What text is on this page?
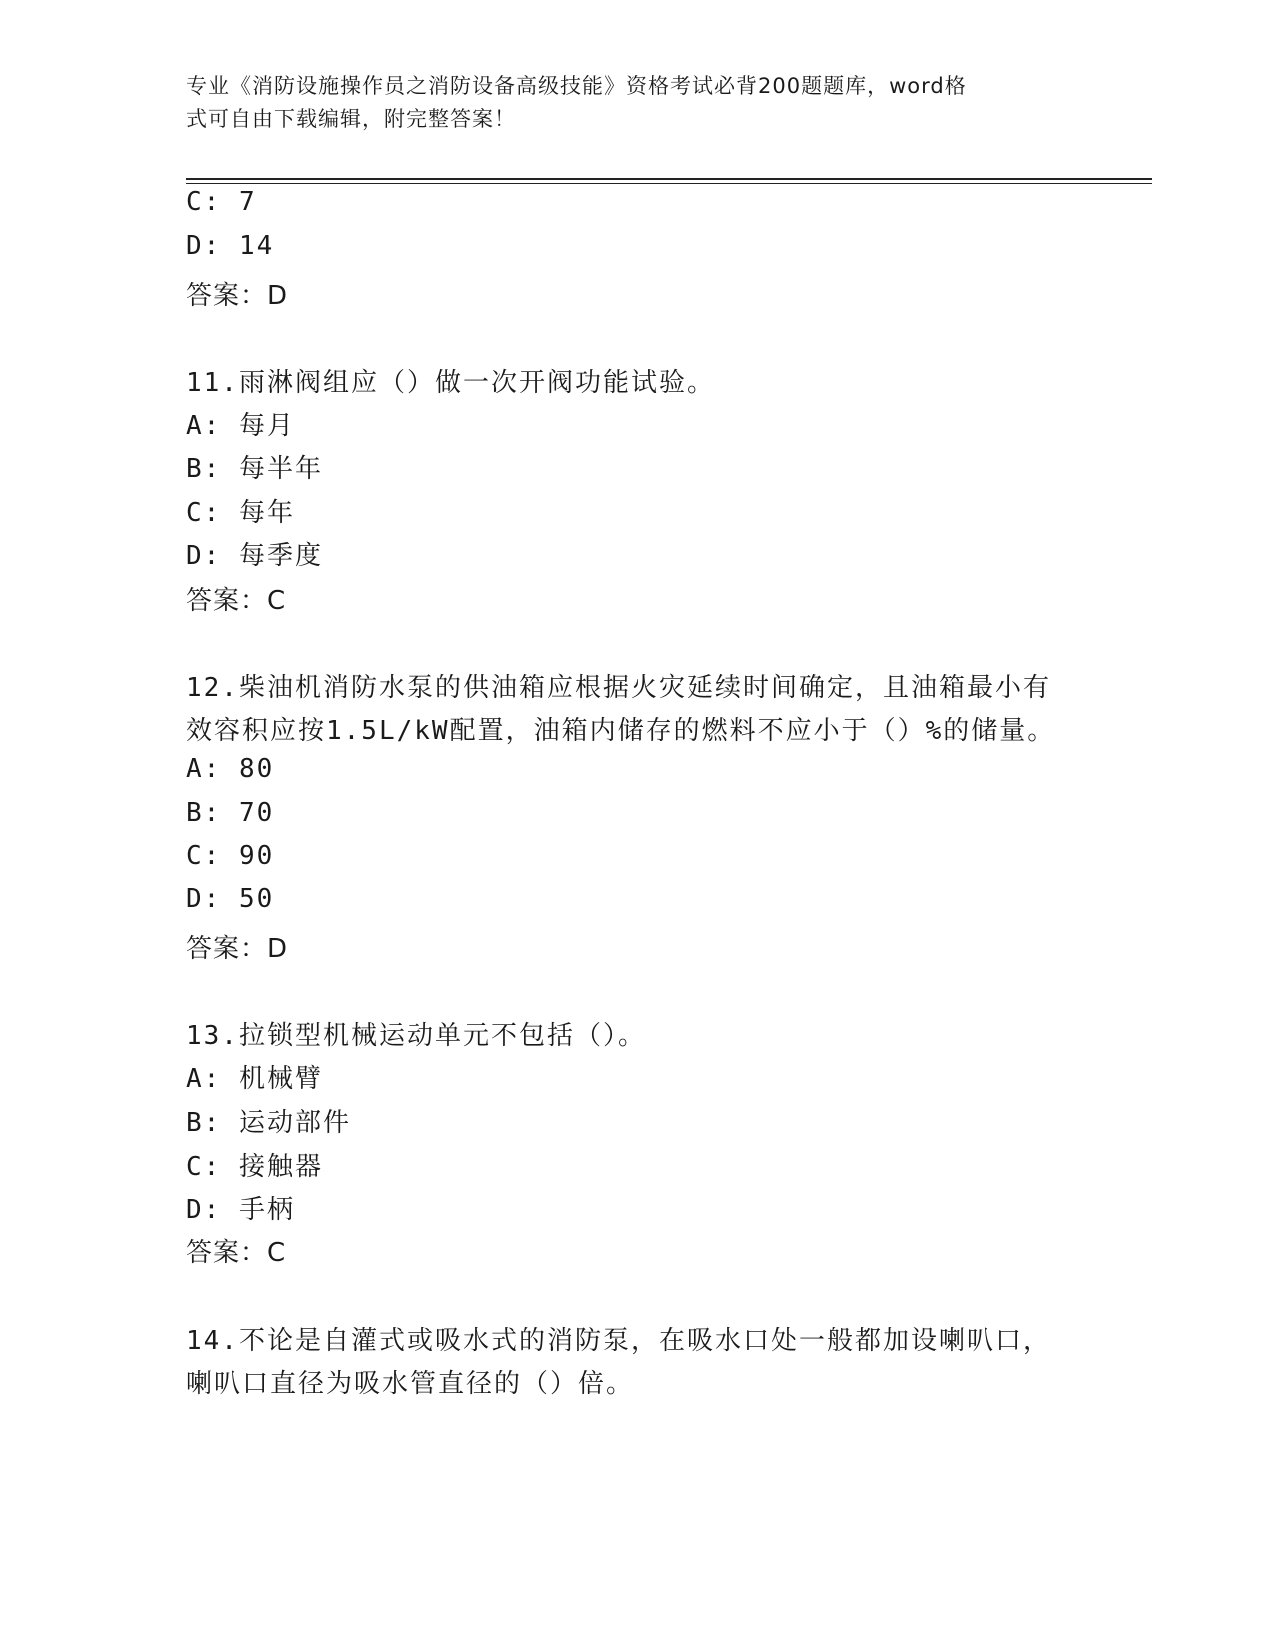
专业《消防设施操作员之消防设备高级技能》资格考试必背200题题库，word格
式可自由下载编辑，附完整答案！
C: 7
D: 14
答案：D
11.雨淋阀组应（）做一次开阀功能试验。
A: 每月
B: 每半年
C: 每年
D: 每季度
答案：C
12.柴油机消防水泵的供油箱应根据火灾延续时间确定，且油箱最小有
效容积应按1.5L/kW配置，油箱内储存的燃料不应小于（）%的储量。
A: 80
B: 70
C: 90
D: 50
答案：D
13.拉锁型机械运动单元不包括（）。
A: 机械臂
B: 运动部件
C: 接触器
D: 手柄
答案：C
14.不论是自灌式或吸水式的消防泵，在吸水口处一般都加设喇叭口，
喇叭口直径为吸水管直径的（）倍。
